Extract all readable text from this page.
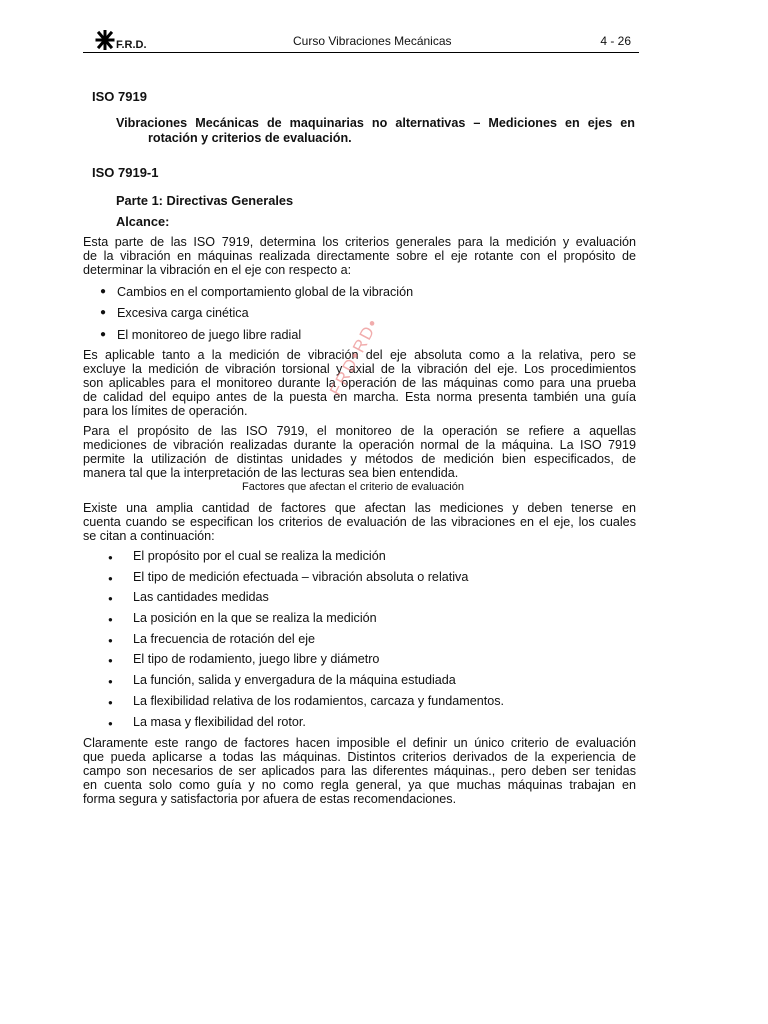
F.R.D.	Curso Vibraciones Mecánicas	4 - 26
ISO 7919
Vibraciones Mecánicas de maquinarias no alternativas – Mediciones en ejes en
rotación y criterios de evaluación.
ISO 7919-1
Parte 1: Directivas Generales
Alcance:
Esta parte de las ISO 7919, determina los criterios generales para la medición y evaluación
de la vibración en máquinas realizada directamente sobre el eje rotante con el propósito de
determinar la vibración en el eje con respecto a:
● Cambios en el comportamiento global de la vibración
● Excesiva carga cinética
● El monitoreo de juego libre radial
Es aplicable tanto a la medición de vibración del eje absoluta como a la relativa, pero se
excluye la medición de vibración torsional y axial de la vibración del eje. Los procedimientos
son aplicables para el monitoreo durante la operación de las máquinas como para una prueba
de calidad del equipo antes de la puesta en marcha. Esta norma presenta también una guía
para los límites de operación.
Para el propósito de las ISO 7919, el monitoreo de la operación se refiere a aquellas
mediciones de vibración realizadas durante la operación normal de la máquina. La ISO 7919
permite la utilización de distintas unidades y métodos de medición bien especificados, de
manera tal que la interpretación de las lecturas sea bien entendida.
Factores que afectan el criterio de evaluación
Existe una amplia cantidad de factores que afectan las mediciones y deben tenerse en
cuenta cuando se especifican los criterios de evaluación de las vibraciones en el eje, los cuales
se citan a continuación:
● El propósito por el cual se realiza la medición
● El tipo de medición efectuada – vibración absoluta o relativa
● Las cantidades medidas
● La posición en la que se realiza la medición
● La frecuencia de rotación del eje
● El tipo de rodamiento, juego libre y diámetro
● La función, salida y envergadura de la máquina estudiada
● La flexibilidad relativa de los rodamientos, carcaza y fundamentos.
● La masa y flexibilidad del rotor.
Claramente este rango de factores hacen imposible el definir un único criterio de evaluación
que pueda aplicarse a todas las máquinas. Distintos criterios derivados de la experiencia de
campo son necesarios de ser aplicados para las diferentes máquinas., pero deben ser tenidas
en cuenta solo como guía y no como regla general, ya que muchas máquinas trabajan en
forma segura y satisfactoria por afuera de estas recomendaciones.
FRD•RD•
